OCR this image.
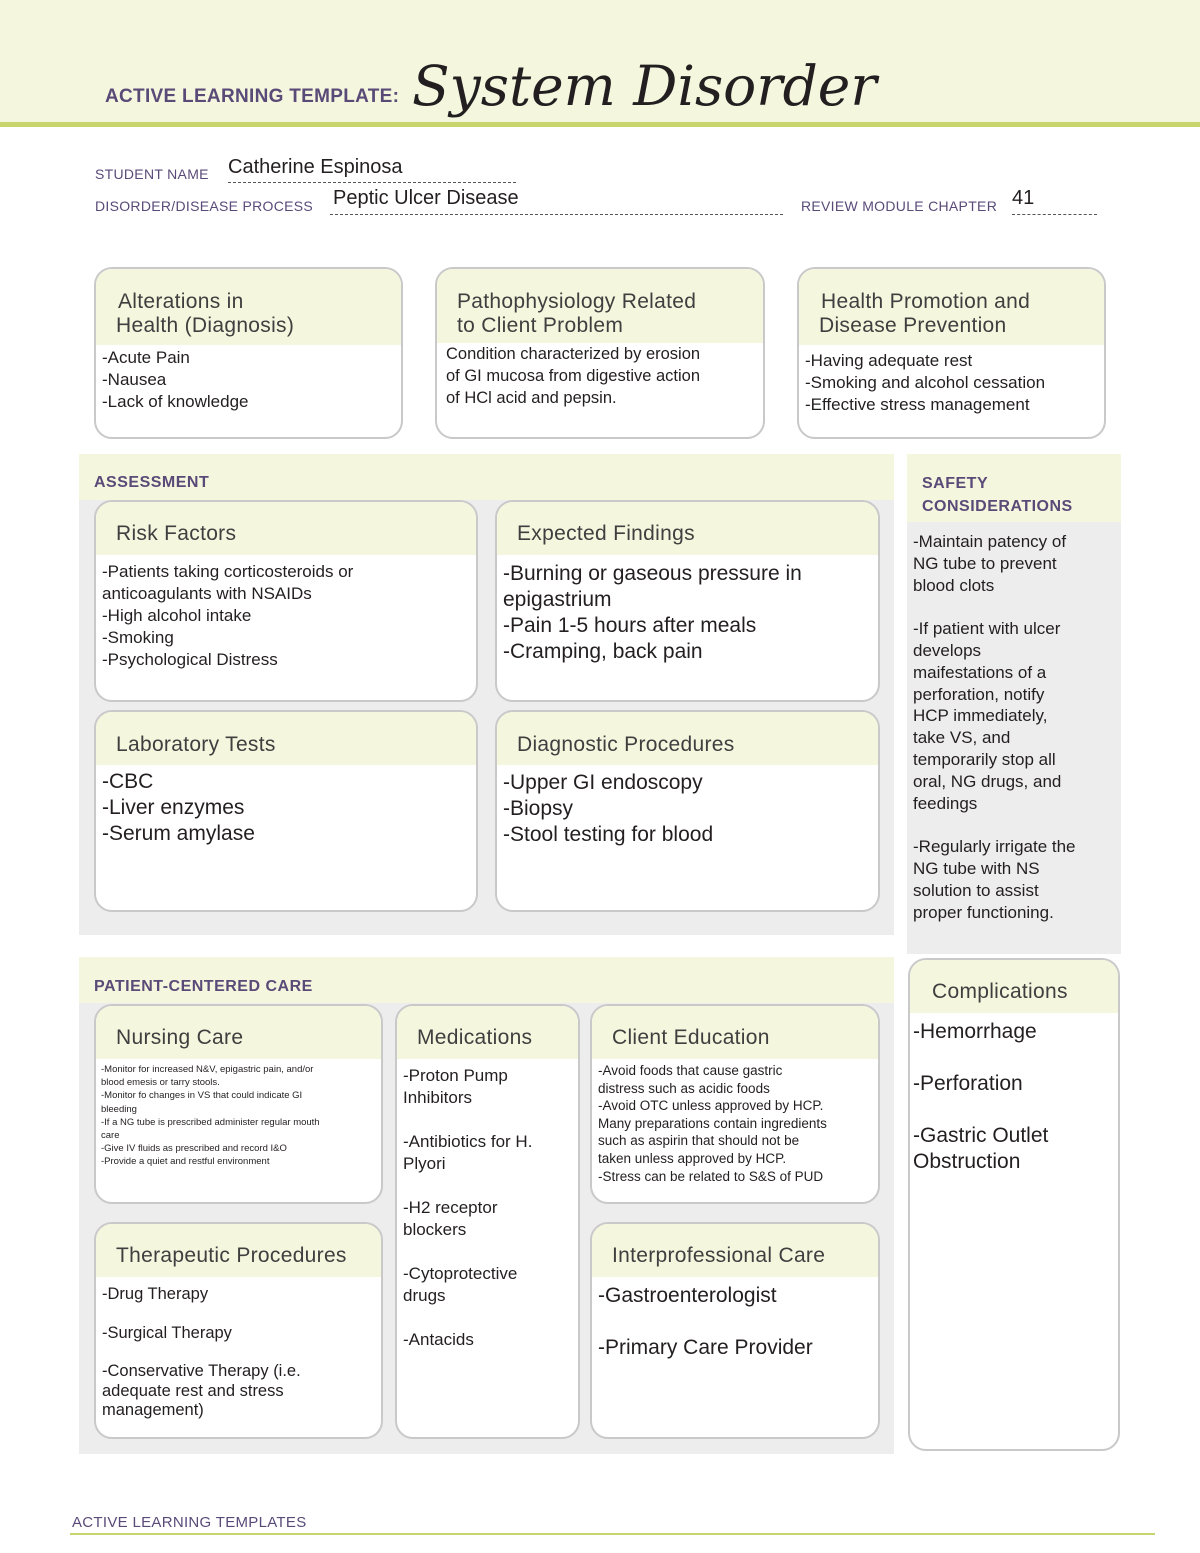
ACTIVE LEARNING TEMPLATE: System Disorder
STUDENT NAME Catherine Espinosa
DISORDER/DISEASE PROCESS Peptic Ulcer Disease	REVIEW MODULE CHAPTER 41
Alterations in
Health (Diagnosis)
-Acute Pain
-Nausea
-Lack of knowledge
Pathophysiology Related
to Client Problem
Condition characterized by erosion
of GI mucosa from digestive action
of HCl acid and pepsin.
Health Promotion and
Disease Prevention
-Having adequate rest
-Smoking and alcohol cessation
-Effective stress management
ASSESSMENT
Risk Factors
-Patients taking corticosteroids or
anticoagulants with NSAIDs
-High alcohol intake
-Smoking
-Psychological Distress
Expected Findings
-Burning or gaseous pressure in
epigastrium
-Pain 1-5 hours after meals
-Cramping, back pain
Laboratory Tests
-CBC
-Liver enzymes
-Serum amylase
Diagnostic Procedures
-Upper GI endoscopy
-Biopsy
-Stool testing for blood
SAFETY
CONSIDERATIONS
-Maintain patency of
NG tube to prevent
blood clots
-If patient with ulcer
develops
maifestations of a
perforation, notify
HCP immediately,
take VS, and
temporarily stop all
oral, NG drugs, and
feedings
-Regularly irrigate the
NG tube with NS
solution to assist
proper functioning.
Complications
-Hemorrhage
-Perforation
-Gastric Outlet
Obstruction
PATIENT-CENTERED CARE
Nursing Care
-Monitor for increased N&V, epigastric pain, and/or
blood emesis or tarry stools.
-Monitor fo changes in VS that could indicate GI
bleeding
-If a NG tube is prescribed administer regular mouth
care
-Give IV fluids as prescribed and record I&O
-Provide a quiet and restful environment
Medications
-Proton Pump
Inhibitors
-Antibiotics for H.
Plyori
-H2 receptor
blockers
-Cytoprotective
drugs
-Antacids
Client Education
-Avoid foods that cause gastric
distress such as acidic foods
-Avoid OTC unless approved by HCP.
Many preparations contain ingredients
such as aspirin that should not be
taken unless approved by HCP.
-Stress can be related to S&S of PUD
Therapeutic Procedures
-Drug Therapy
-Surgical Therapy
-Conservative Therapy (i.e.
adequate rest and stress
management)
Interprofessional Care
-Gastroenterologist
-Primary Care Provider
ACTIVE LEARNING TEMPLATES
